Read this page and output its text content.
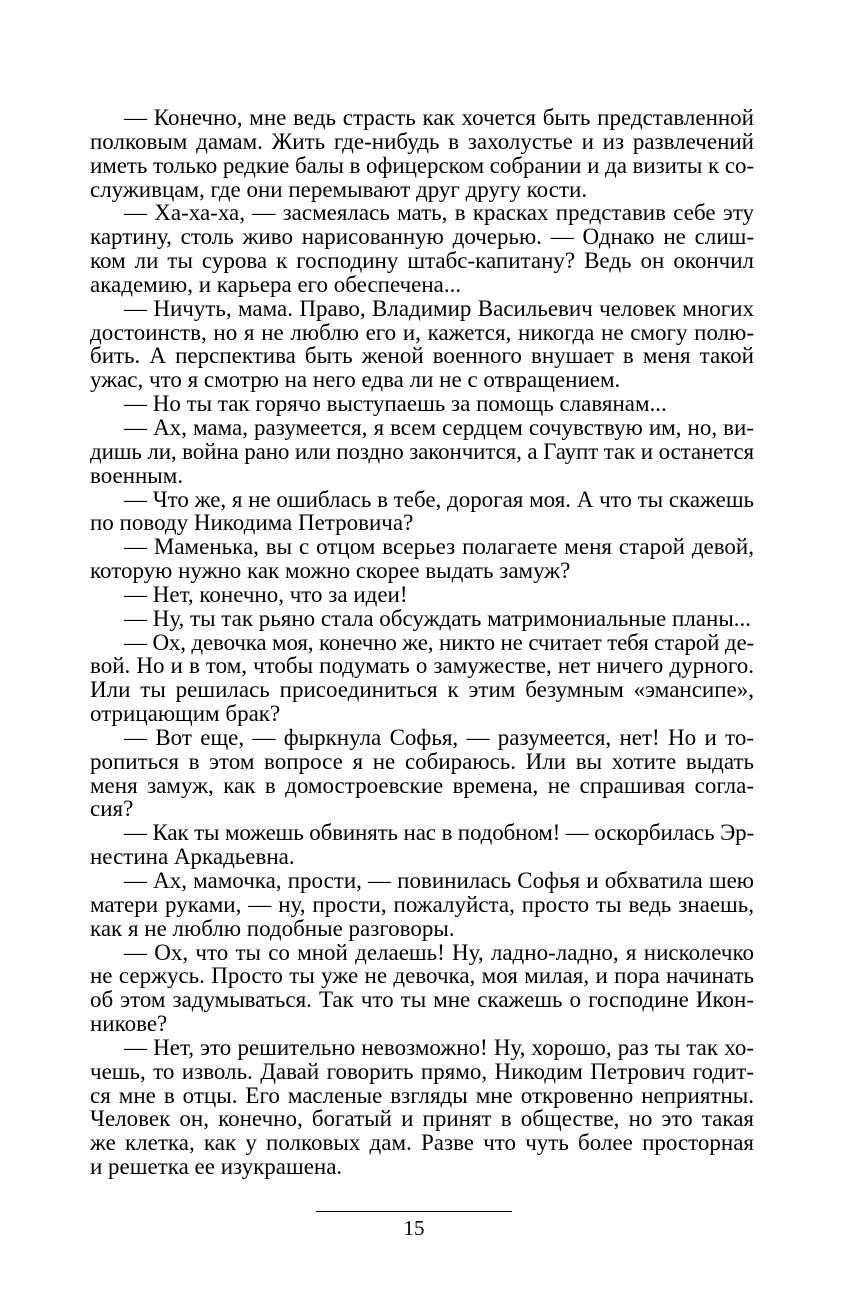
— Конечно, мне ведь страсть как хочется быть представленной
полковым дамам. Жить где-нибудь в захолустье и из развлечений
иметь только редкие балы в офицерском собрании и да визиты к со-
служивцам, где они перемывают друг другу кости.
— Ха-ха-ха, — засмеялась мать, в красках представив себе эту
картину, столь живо нарисованную дочерью. — Однако не слиш-
ком ли ты сурова к господину штабс-капитану? Ведь он окончил
академию, и карьера его обеспечена...
— Ничуть, мама. Право, Владимир Васильевич человек многих
достоинств, но я не люблю его и, кажется, никогда не смогу полю-
бить. А перспектива быть женой военного внушает в меня такой
ужас, что я смотрю на него едва ли не с отвращением.
— Но ты так горячо выступаешь за помощь славянам...
— Ах, мама, разумеется, я всем сердцем сочувствую им, но, ви-
дишь ли, война рано или поздно закончится, а Гаупт так и останется
военным.
— Что же, я не ошиблась в тебе, дорогая моя. А что ты скажешь
по поводу Никодима Петровича?
— Маменька, вы с отцом всерьез полагаете меня старой девой,
которую нужно как можно скорее выдать замуж?
— Нет, конечно, что за идеи!
— Ну, ты так рьяно стала обсуждать матримониальные планы...
— Ох, девочка моя, конечно же, никто не считает тебя старой де-
вой. Но и в том, чтобы подумать о замужестве, нет ничего дурного.
Или ты решилась присоединиться к этим безумным «эмансипе»,
отрицающим брак?
— Вот еще, — фыркнула Софья, — разумеется, нет! Но и то-
ропиться в этом вопросе я не собираюсь. Или вы хотите выдать
меня замуж, как в домостроевские времена, не спрашивая согла-
сия?
— Как ты можешь обвинять нас в подобном! — оскорбилась Эр-
нестина Аркадьевна.
— Ах, мамочка, прости, — повинилась Софья и обхватила шею
матери руками, — ну, прости, пожалуйста, просто ты ведь знаешь,
как я не люблю подобные разговоры.
— Ох, что ты со мной делаешь! Ну, ладно-ладно, я нисколечко
не сержусь. Просто ты уже не девочка, моя милая, и пора начинать
об этом задумываться. Так что ты мне скажешь о господине Икон-
никове?
— Нет, это решительно невозможно! Ну, хорошо, раз ты так хо-
чешь, то изволь. Давай говорить прямо, Никодим Петрович годит-
ся мне в отцы. Его масленые взгляды мне откровенно неприятны.
Человек он, конечно, богатый и принят в обществе, но это такая
же клетка, как у полковых дам. Разве что чуть более просторная
и решетка ее изукрашена.
15
